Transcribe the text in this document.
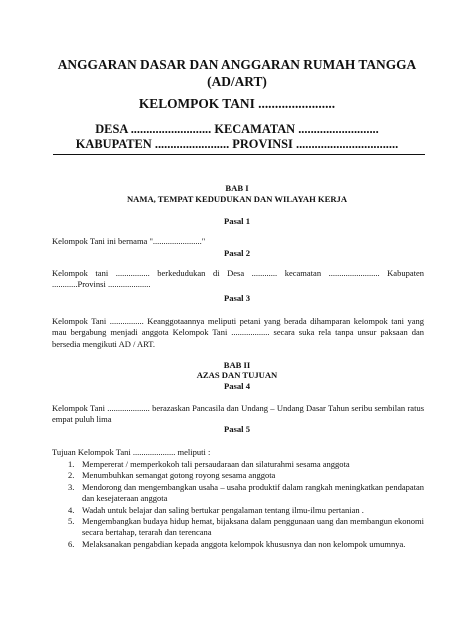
ANGGARAN DASAR DAN ANGGARAN RUMAH TANGGA
(AD/ART)
KELOMPOK TANI .......................
DESA .......................... KECAMATAN ..........................
KABUPATEN ........................ PROVINSI .................................
BAB I
NAMA, TEMPAT KEDUDUKAN DAN WILAYAH KERJA
Pasal 1
Kelompok Tani ini bernama "......................."
Pasal 2
Kelompok tani ................ berkedudukan di Desa ............ kecamatan ........................ Kabupaten ............Provinsi ....................
Pasal 3
Kelompok Tani ................ Keanggotaannya meliputi petani yang berada dihamparan kelompok tani yang mau bergabung menjadi anggota Kelompok Tani .................. secara suka rela tanpa unsur paksaan dan bersedia mengikuti AD / ART.
BAB II
AZAS DAN TUJUAN
Pasal 4
Kelompok Tani .................... berazaskan Pancasila dan Undang – Undang Dasar Tahun seribu sembilan ratus empat puluh lima
Pasal 5
Tujuan Kelompok Tani .................... meliputi :
1. Mempererat / memperkokoh tali persaudaraan dan silaturahmi sesama anggota
2. Menumbuhkan semangat gotong royong sesama anggota
3. Mendorong dan mengembangkan usaha – usaha produktif dalam rangkah meningkatkan pendapatan dan kesejateraan anggota
4. Wadah untuk belajar dan saling bertukar pengalaman tentang ilmu-ilmu pertanian .
5. Mengembangkan budaya hidup hemat, bijaksana dalam penggunaan uang dan membangun ekonomi secara bertahap, terarah dan terencana
6. Melaksanakan pengabdian kepada anggota kelompok khususnya dan non kelompok umumnya.
